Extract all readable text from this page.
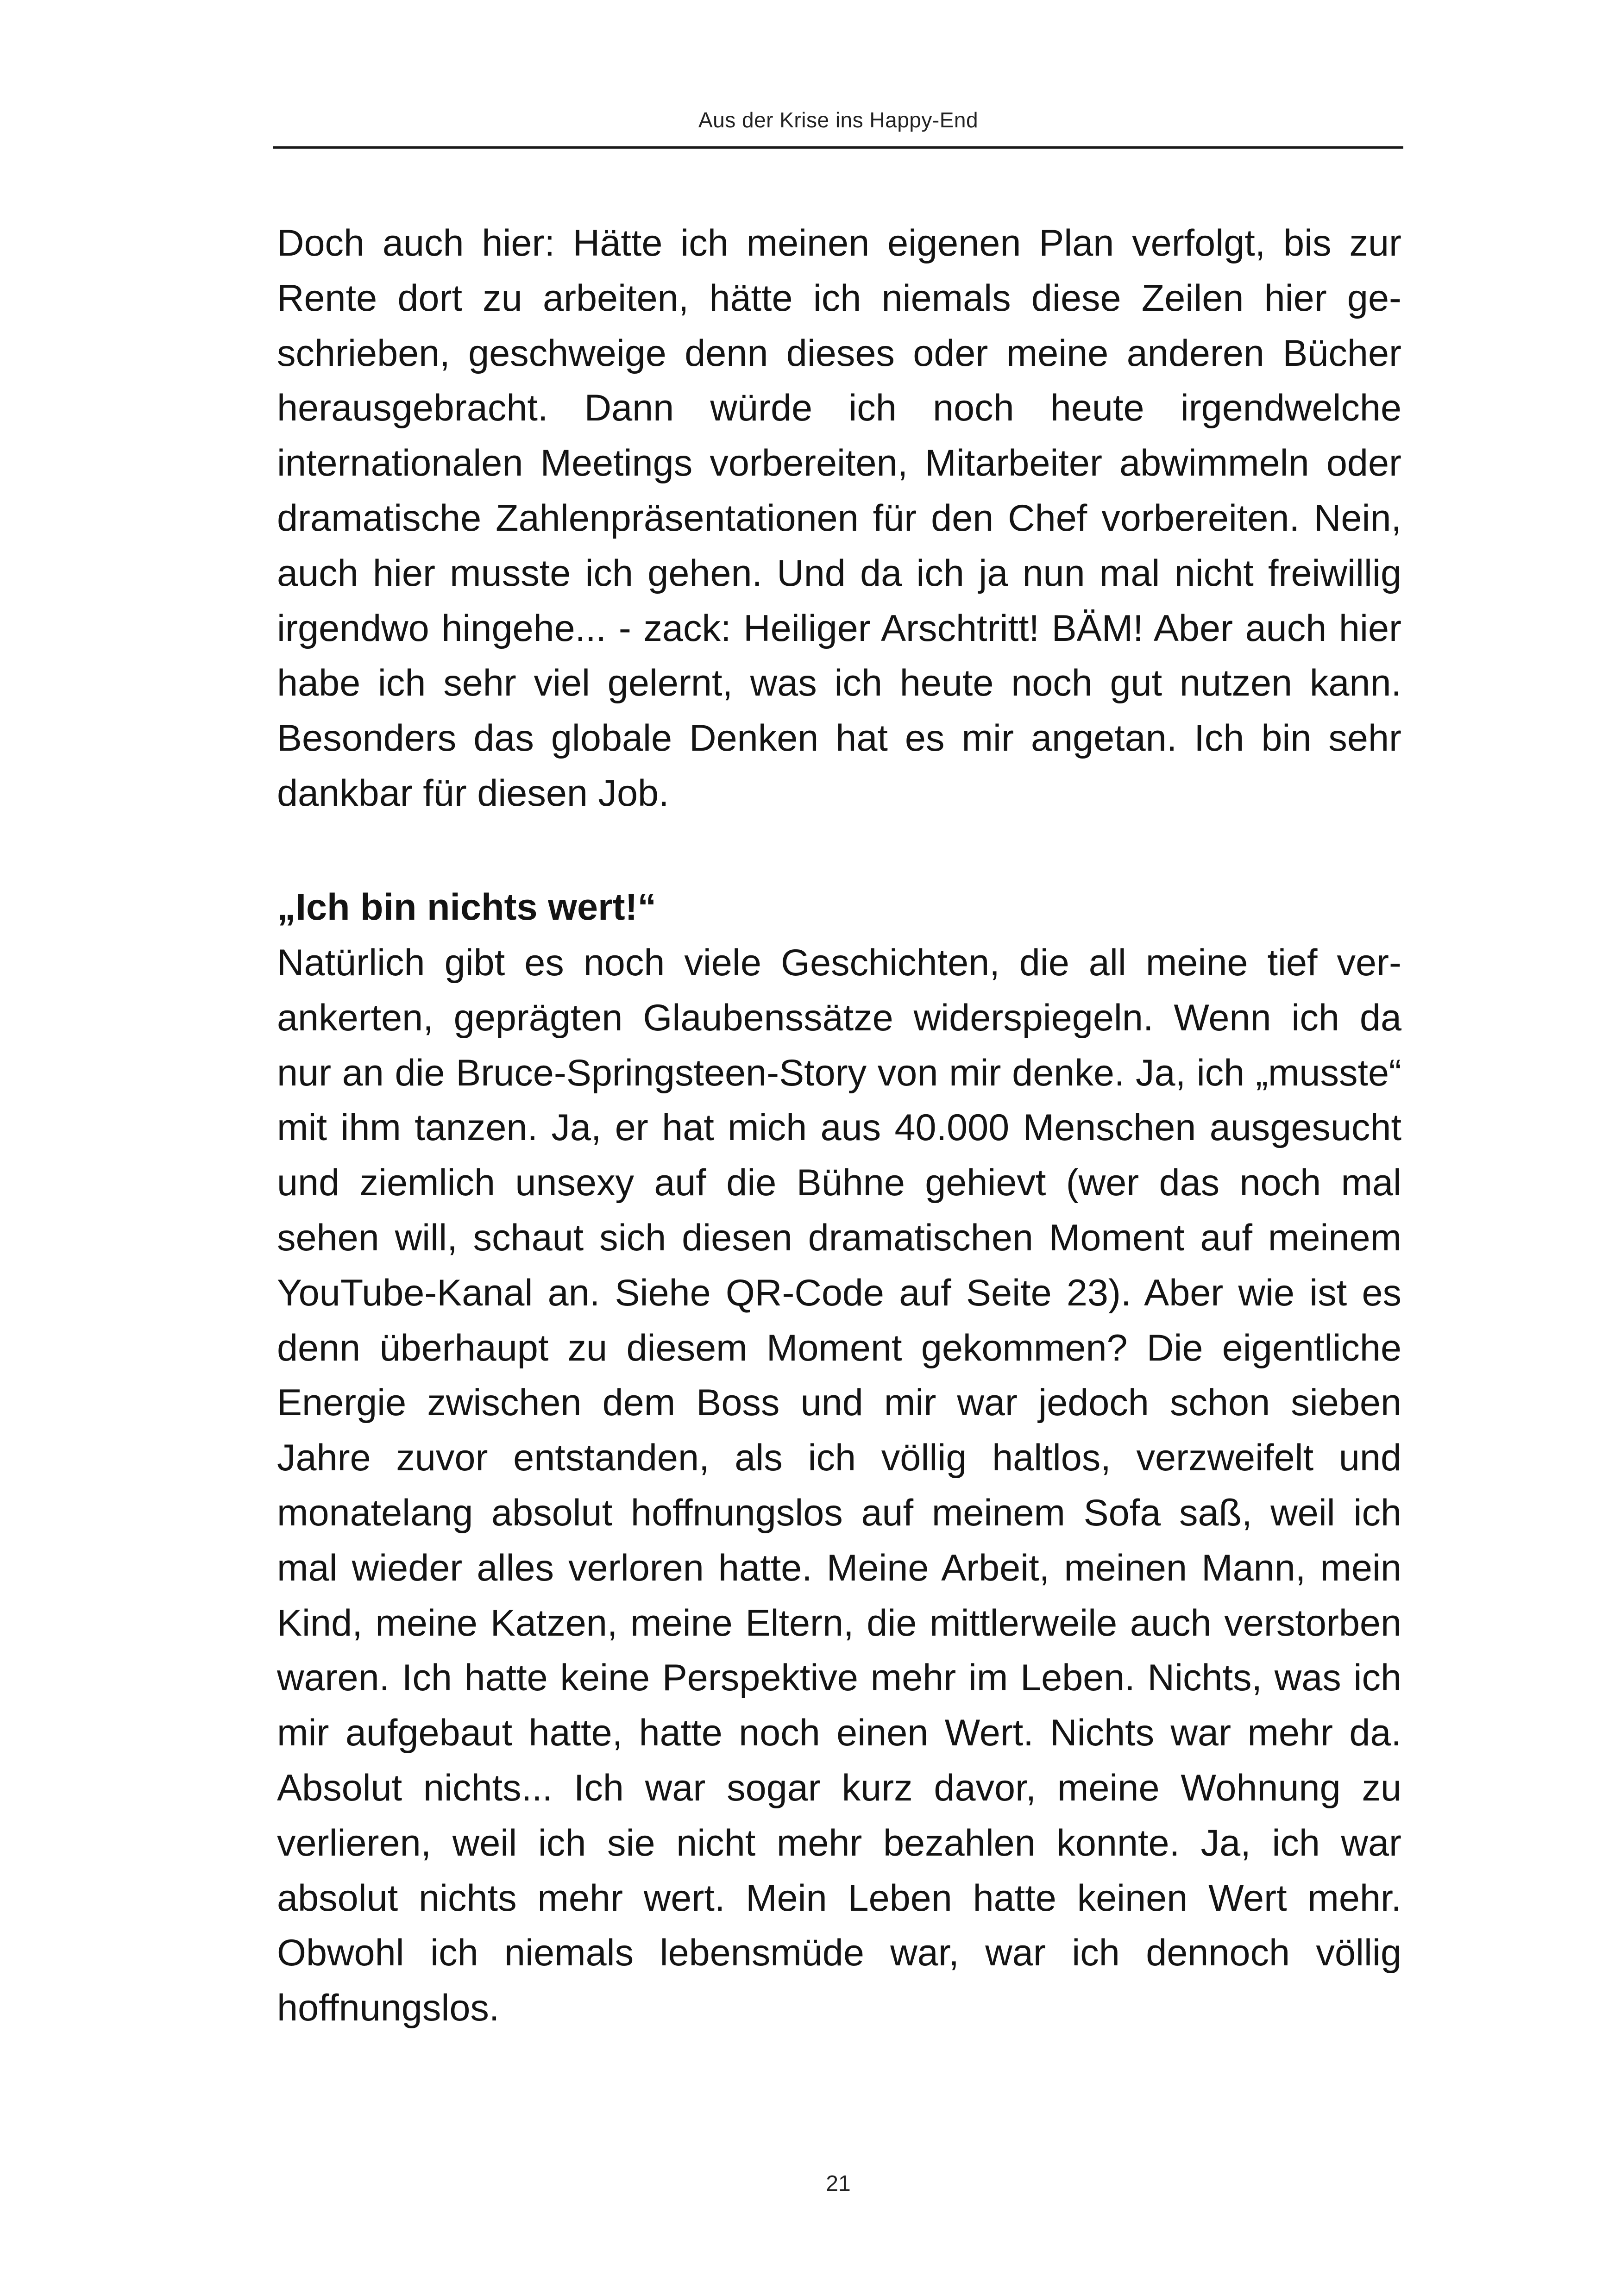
Aus der Krise ins Happy-End

Doch auch hier: Hätte ich meinen eigenen Plan verfolgt, bis zur Rente dort zu arbeiten, hätte ich niemals diese Zeilen hier geschrieben, geschweige denn dieses oder meine anderen Bücher herausgebracht. Dann würde ich noch heute irgendwelche internationalen Meetings vorbereiten, Mitarbeiter abwimmeln oder dramatische Zahlenpräsentationen für den Chef vorbereiten. Nein, auch hier musste ich gehen. Und da ich ja nun mal nicht freiwillig irgendwo hingehe... - zack: Heiliger Arschtritt! BÄM! Aber auch hier habe ich sehr viel gelernt, was ich heute noch gut nutzen kann. Besonders das globale Denken hat es mir angetan. Ich bin sehr dankbar für diesen Job.

„Ich bin nichts wert!“

Natürlich gibt es noch viele Geschichten, die all meine tief verankerten, geprägten Glaubenssätze widerspiegeln. Wenn ich da nur an die Bruce-Springsteen-Story von mir denke. Ja, ich „musste“ mit ihm tanzen. Ja, er hat mich aus 40.000 Menschen ausgesucht und ziemlich unsexy auf die Bühne gehievt (wer das noch mal sehen will, schaut sich diesen dramatischen Moment auf meinem YouTube-Kanal an. Siehe QR-Code auf Seite 23). Aber wie ist es denn überhaupt zu diesem Moment gekommen? Die eigentliche Energie zwischen dem Boss und mir war jedoch schon sieben Jahre zuvor entstanden, als ich völlig haltlos, verzweifelt und monatelang absolut hoffnungslos auf meinem Sofa saß, weil ich mal wieder alles verloren hatte. Meine Arbeit, meinen Mann, mein Kind, meine Katzen, meine Eltern, die mittlerweile auch verstorben waren. Ich hatte keine Perspektive mehr im Leben. Nichts, was ich mir aufgebaut hatte, hatte noch einen Wert. Nichts war mehr da. Absolut nichts... Ich war sogar kurz davor, meine Wohnung zu verlieren, weil ich sie nicht mehr bezahlen konnte. Ja, ich war absolut nichts mehr wert. Mein Leben hatte keinen Wert mehr. Obwohl ich niemals lebensmüde war, war ich dennoch völlig hoffnungslos.

21
